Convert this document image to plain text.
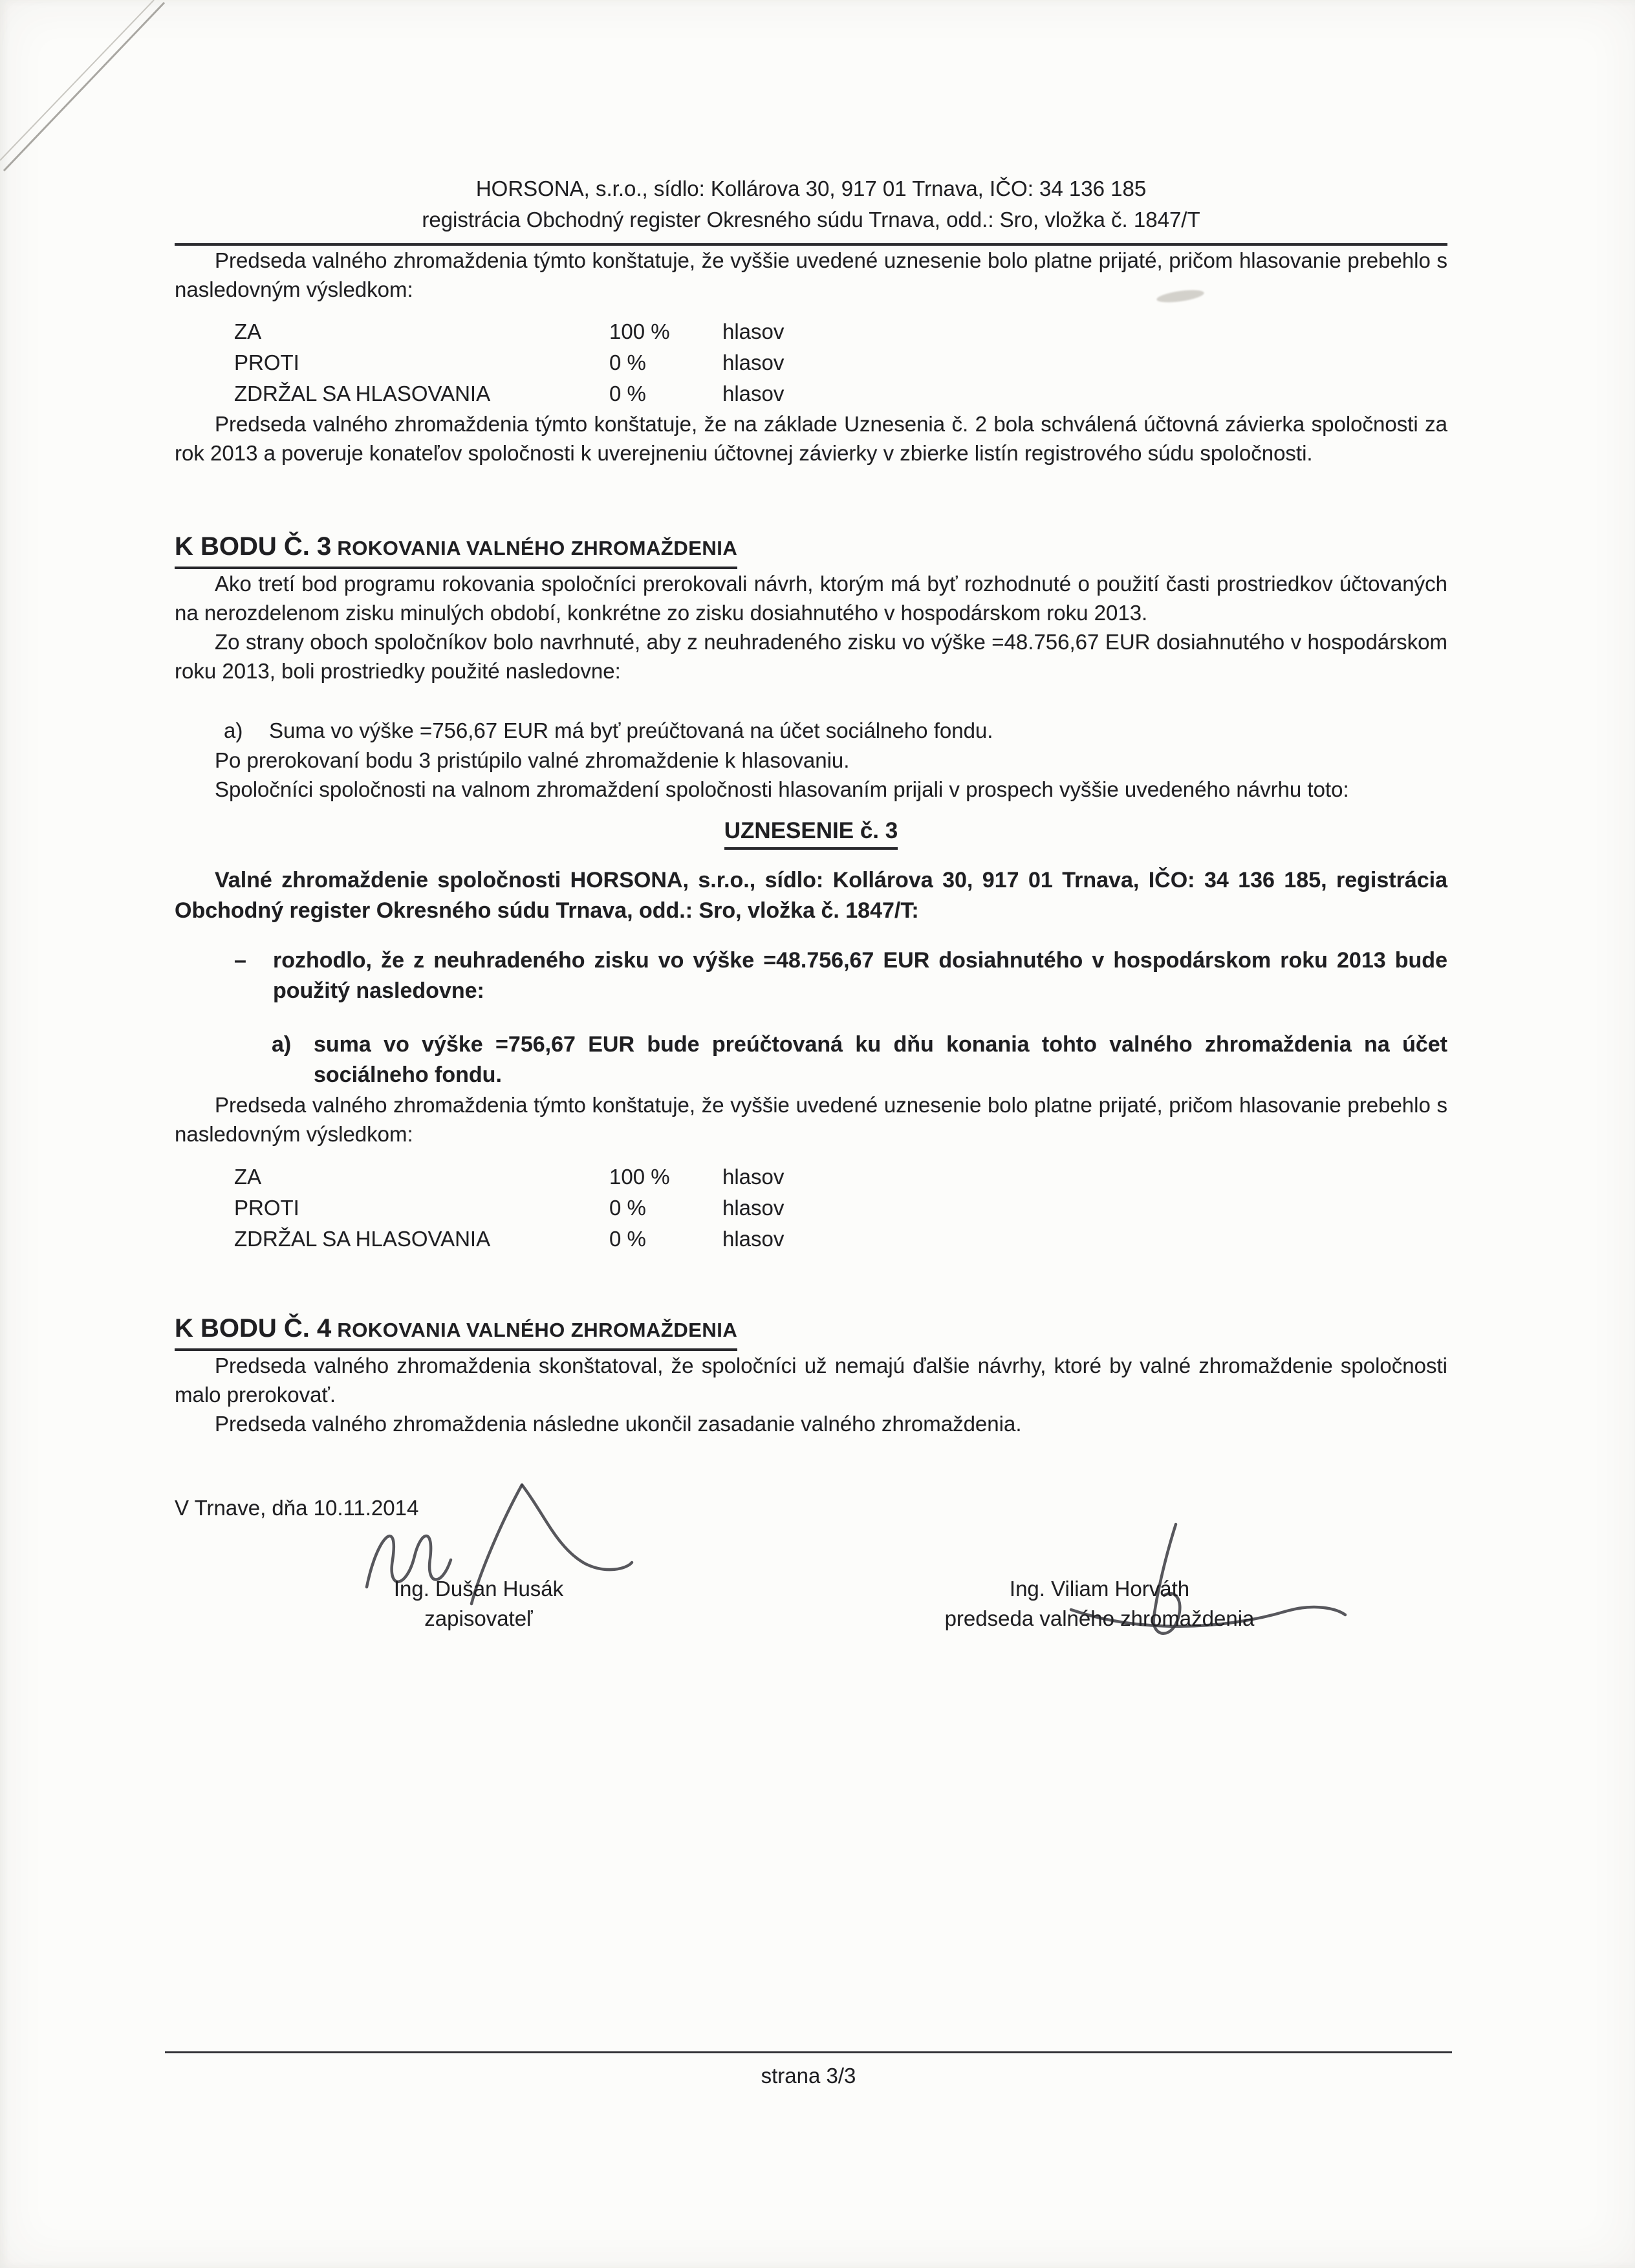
HORSONA, s.r.o., sídlo: Kollárova 30, 917 01 Trnava, IČO: 34 136 185
registrácia Obchodný register Okresného súdu Trnava, odd.: Sro, vložka č. 1847/T

Predseda valného zhromaždenia týmto konštatuje, že vyššie uvedené uznesenie bolo platne prijaté, pričom hlasovanie prebehlo s nasledovným výsledkom:

ZA	100 %	hlasov
PROTI	0 %	hlasov
ZDRŽAL SA HLASOVANIA	0 %	hlasov

Predseda valného zhromaždenia týmto konštatuje, že na základe Uznesenia č. 2 bola schválená účtovná závierka spoločnosti za rok 2013 a poveruje konateľov spoločnosti k uverejneniu účtovnej závierky v zbierke listín registrového súdu spoločnosti.

K BODU Č. 3 ROKOVANIA VALNÉHO ZHROMAŽDENIA

Ako tretí bod programu rokovania spoločníci prerokovali návrh, ktorým má byť rozhodnuté o použití časti prostriedkov účtovaných na nerozdelenom zisku minulých období, konkrétne zo zisku dosiahnutého v hospodárskom roku 2013.

Zo strany oboch spoločníkov bolo navrhnuté, aby z neuhradeného zisku vo výške =48.756,67 EUR dosiahnutého v hospodárskom roku 2013, boli prostriedky použité nasledovne:

a) Suma vo výške =756,67 EUR má byť preúčtovaná na účet sociálneho fondu.

Po prerokovaní bodu 3 pristúpilo valné zhromaždenie k hlasovaniu.

Spoločníci spoločnosti na valnom zhromaždení spoločnosti hlasovaním prijali v prospech vyššie uvedeného návrhu toto:

UZNESENIE č. 3

Valné zhromaždenie spoločnosti HORSONA, s.r.o., sídlo: Kollárova 30, 917 01 Trnava, IČO: 34 136 185, registrácia Obchodný register Okresného súdu Trnava, odd.: Sro, vložka č. 1847/T:

– rozhodlo, že z neuhradeného zisku vo výške =48.756,67 EUR dosiahnutého v hospodárskom roku 2013 bude použitý nasledovne:
a) suma vo výške =756,67 EUR bude preúčtovaná ku dňu konania tohto valného zhromaždenia na účet sociálneho fondu.

Predseda valného zhromaždenia týmto konštatuje, že vyššie uvedené uznesenie bolo platne prijaté, pričom hlasovanie prebehlo s nasledovným výsledkom:

ZA	100 %	hlasov
PROTI	0 %	hlasov
ZDRŽAL SA HLASOVANIA	0 %	hlasov
K BODU Č. 4 ROKOVANIA VALNÉHO ZHROMAŽDENIA

Predseda valného zhromaždenia skonštatoval, že spoločníci už nemajú ďalšie návrhy, ktoré by valné zhromaždenie spoločnosti malo prerokovať.

Predseda valného zhromaždenia následne ukončil zasadanie valného zhromaždenia.

V Trnave, dňa 10.11.2014

Ing. Dušan Husák
zapisovateľ
Ing. Viliam Horváth
predseda valného zhromaždenia
strana 3/3
